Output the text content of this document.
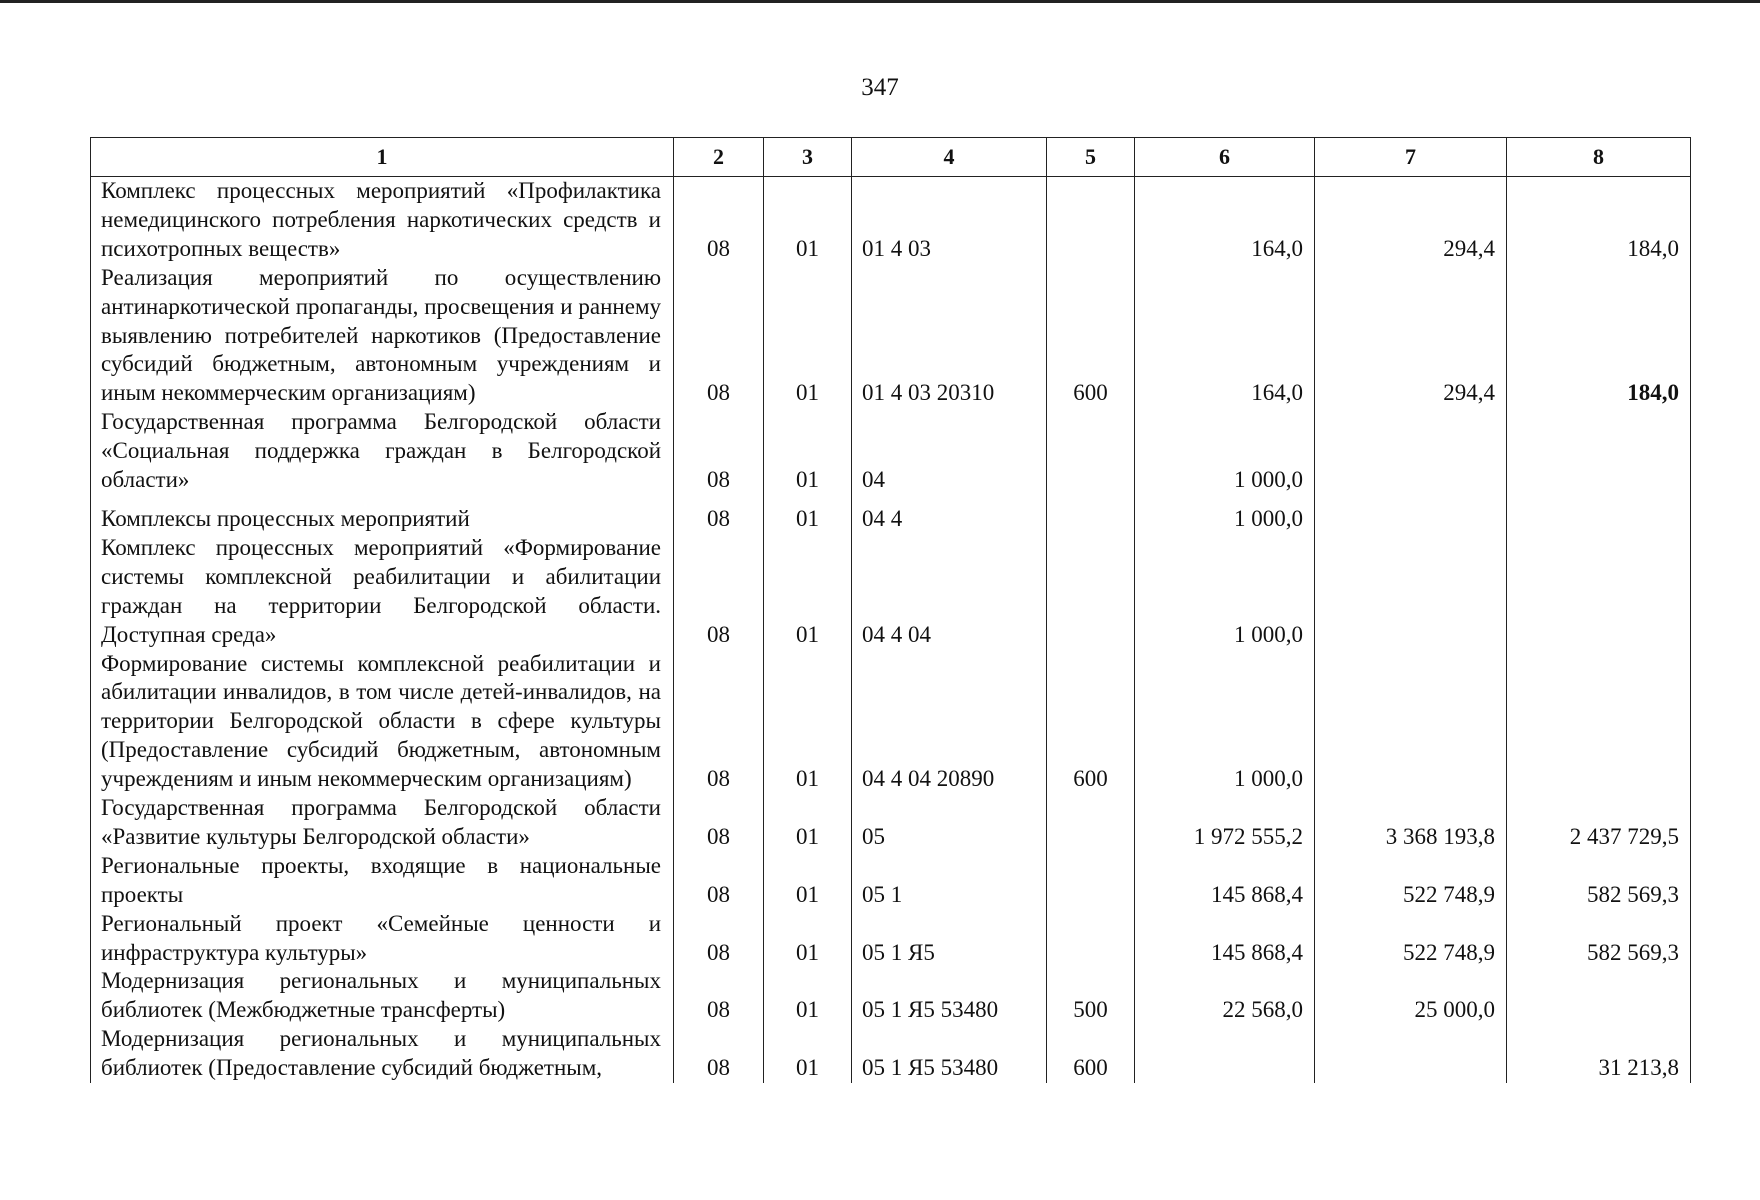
347
1	2	3	4	5	6	7	8
Комплекс процессных мероприятий «Профилактика немедицинского потребления наркотических средств и психотропных веществ»	08	01	01 4 03		164,0	294,4	184,0
Реализация мероприятий по осуществлению антинаркотической пропаганды, просвещения и раннему выявлению потребителей наркотиков (Предоставление субсидий бюджетным, автономным учреждениям и иным некоммерческим организациям)	08	01	01 4 03 20310	600	164,0	294,4	184,0
Государственная программа Белгородской области «Социальная поддержка граждан в Белгородской области»	08	01	04		1 000,0		
Комплексы процессных мероприятий	08	01	04 4		1 000,0		
Комплекс процессных мероприятий «Формирование системы комплексной реабилитации и абилитации граждан на территории Белгородской области. Доступная среда»	08	01	04 4 04		1 000,0		
Формирование системы комплексной реабилитации и абилитации инвалидов, в том числе детей-инвалидов, на территории Белгородской области в сфере культуры (Предоставление субсидий бюджетным, автономным учреждениям и иным некоммерческим организациям)	08	01	04 4 04 20890	600	1 000,0		
Государственная программа Белгородской области «Развитие культуры Белгородской области»	08	01	05		1 972 555,2	3 368 193,8	2 437 729,5
Региональные проекты, входящие в национальные проекты	08	01	05 1		145 868,4	522 748,9	582 569,3
Региональный проект «Семейные ценности и инфраструктура культуры»	08	01	05 1 Я5		145 868,4	522 748,9	582 569,3
Модернизация региональных и муниципальных библиотек (Межбюджетные трансферты)	08	01	05 1 Я5 53480	500	22 568,0	25 000,0	
Модернизация региональных и муниципальных библиотек (Предоставление субсидий бюджетным,	08	01	05 1 Я5 53480	600			31 213,8
